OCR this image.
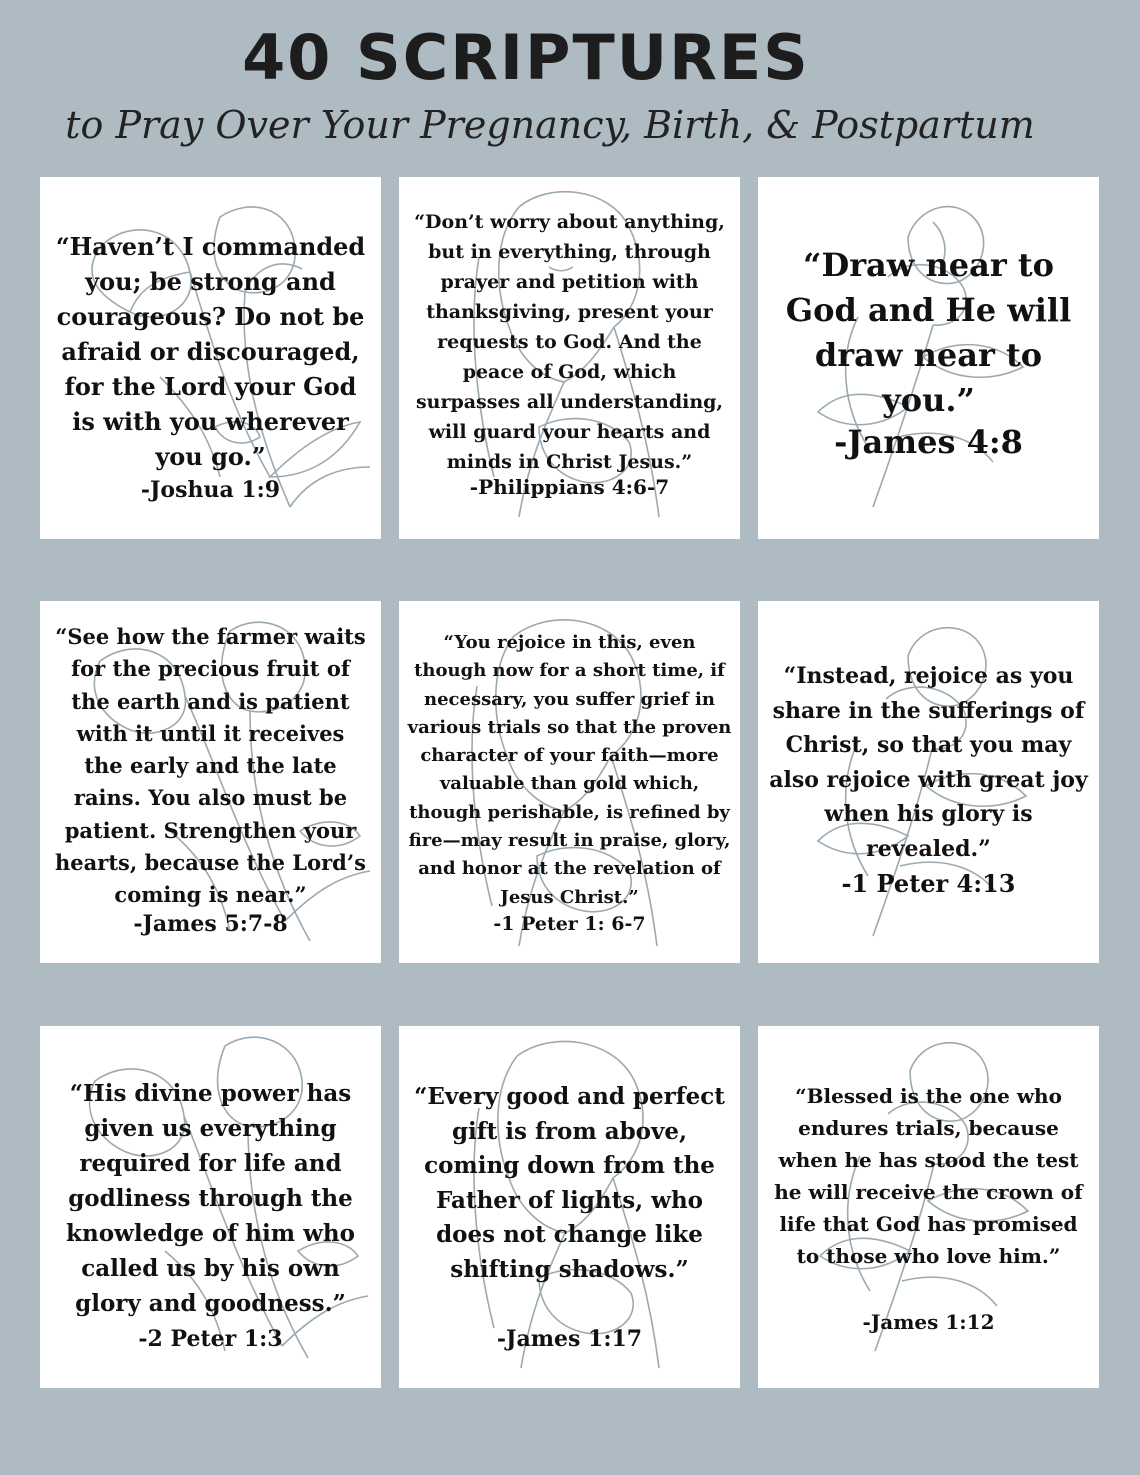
40 SCRIPTURES
to Pray Over Your Pregnancy, Birth, & Postpartum
“Haven’t I commanded you; be strong and courageous? Do not be afraid or discouraged, for the Lord your God is with you wherever you go.”
-Joshua 1:9
“Don’t worry about anything, but in everything, through prayer and petition with thanksgiving, present your requests to God. And the peace of God, which surpasses all understanding, will guard your hearts and minds in Christ Jesus.”
-Philippians 4:6-7
“Draw near to God and He will draw near to you.”
-James 4:8
“See how the farmer waits for the precious fruit of the earth and is patient with it until it receives the early and the late rains. You also must be patient. Strengthen your hearts, because the Lord’s coming is near.”
-James 5:7-8
“You rejoice in this, even though now for a short time, if necessary, you suffer grief in various trials so that the proven character of your faith—more valuable than gold which, though perishable, is refined by fire—may result in praise, glory, and honor at the revelation of Jesus Christ.”
-1 Peter 1: 6-7
“Instead, rejoice as you share in the sufferings of Christ, so that you may also rejoice with great joy when his glory is revealed.”
-1 Peter 4:13
“His divine power has given us everything required for life and godliness through the knowledge of him who called us by his own glory and goodness.”
-2 Peter 1:3
“Every good and perfect gift is from above, coming down from the Father of lights, who does not change like shifting shadows.”
-James 1:17
“Blessed is the one who endures trials, because when he has stood the test he will receive the crown of life that God has promised to those who love him.”
-James 1:12
